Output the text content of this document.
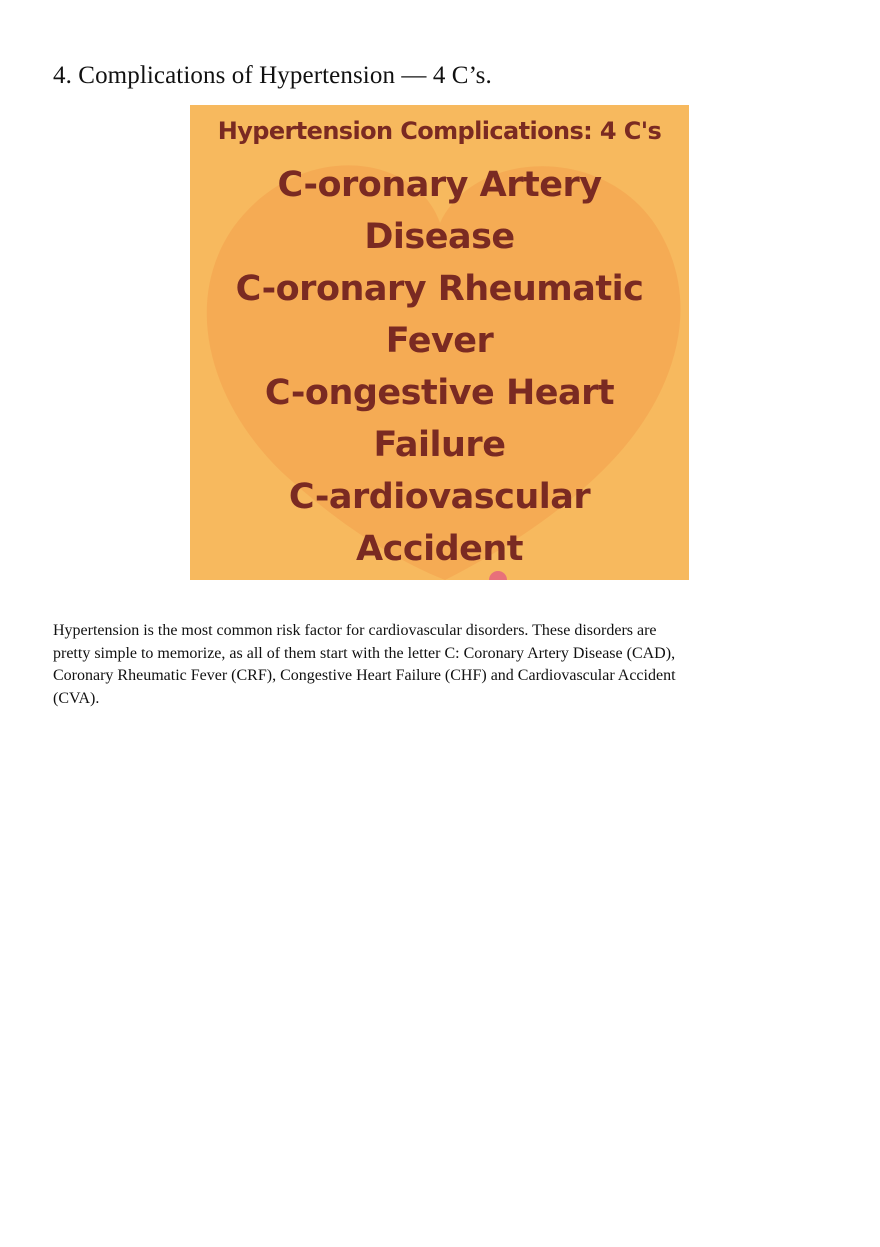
4. Complications of Hypertension — 4 C’s.
Hypertension Complications: 4 C's
C-oronary Artery
Disease
C-oronary Rheumatic
Fever
C-ongestive Heart
Failure
C-ardiovascular
Accident

Hypertension is the most common risk factor for cardiovascular disorders. These disorders are pretty simple to memorize, as all of them start with the letter C: Coronary Artery Disease (CAD), Coronary Rheumatic Fever (CRF), Congestive Heart Failure (CHF) and Cardiovascular Accident (CVA).
